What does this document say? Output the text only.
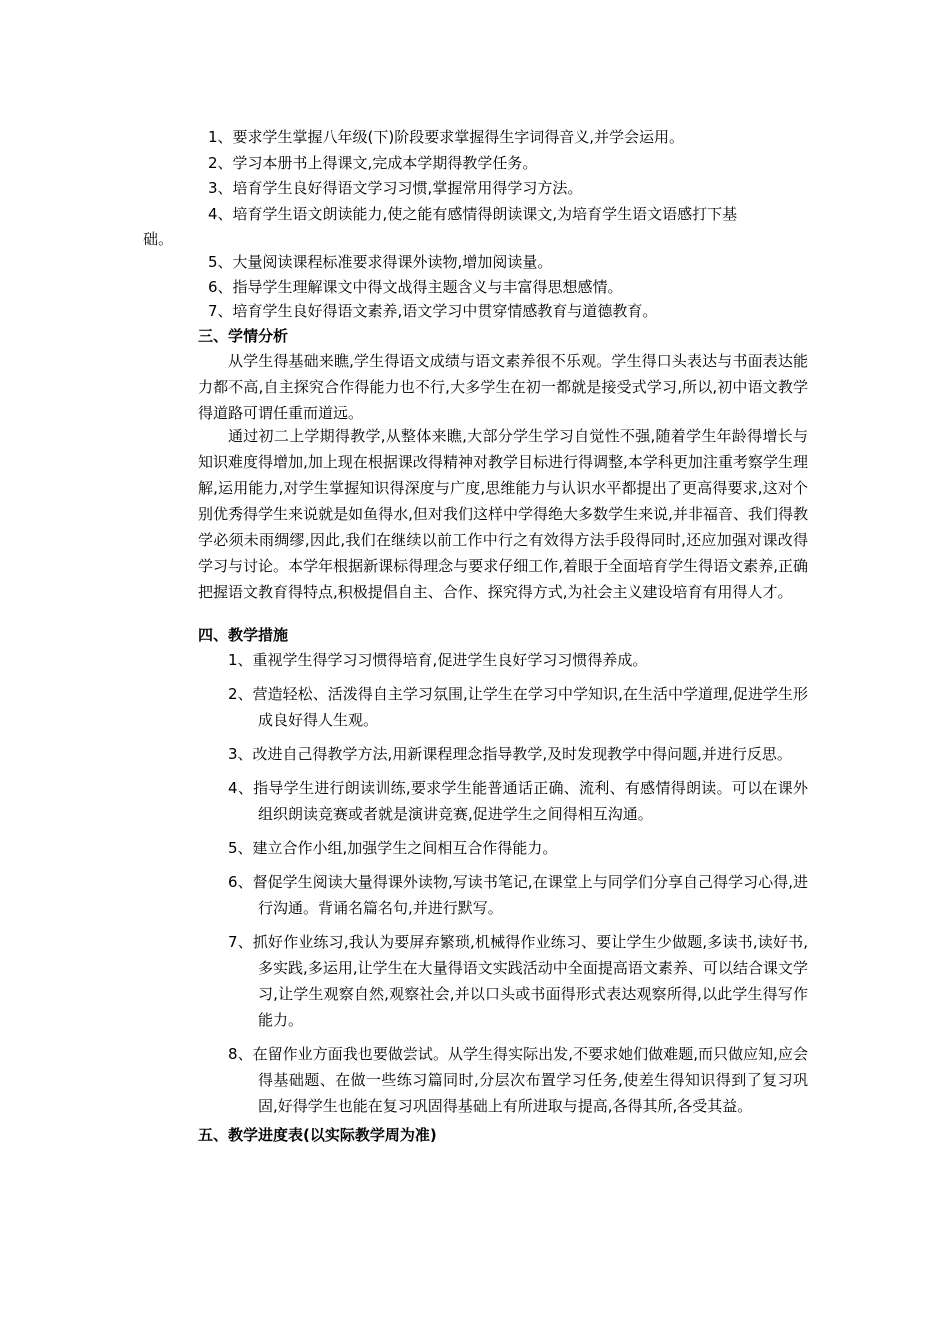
1、要求学生掌握八年级(下)阶段要求掌握得生字词得音义,并学会运用。
2、学习本册书上得课文,完成本学期得教学任务。
3、培育学生良好得语文学习习惯,掌握常用得学习方法。
4、培育学生语文朗读能力,使之能有感情得朗读课文,为培育学生语文语感打下基
础。
5、大量阅读课程标准要求得课外读物,增加阅读量。
6、指导学生理解课文中得文战得主题含义与丰富得思想感情。
7、培育学生良好得语文素养,语文学习中贯穿情感教育与道德教育。
三、学情分析

从学生得基础来瞧,学生得语文成绩与语文素养很不乐观。学生得口头表达与书面表达能力都不高,自主探究合作得能力也不行,大多学生在初一都就是接受式学习,所以,初中语文教学得道路可谓任重而道远。

通过初二上学期得教学,从整体来瞧,大部分学生学习自觉性不强,随着学生年龄得增长与知识难度得增加,加上现在根据课改得精神对教学目标进行得调整,本学科更加注重考察学生理解,运用能力,对学生掌握知识得深度与广度,思维能力与认识水平都提出了更高得要求,这对个别优秀得学生来说就是如鱼得水,但对我们这样中学得绝大多数学生来说,并非福音、我们得教学必须未雨绸缪,因此,我们在继续以前工作中行之有效得方法手段得同时,还应加强对课改得学习与讨论。本学年根据新课标得理念与要求仔细工作,着眼于全面培育学生得语文素养,正确把握语文教育得特点,积极提倡自主、合作、探究得方式,为社会主义建设培育有用得人才。

四、教学措施

1、重视学生得学习习惯得培育,促进学生良好学习习惯得养成。

2、营造轻松、活泼得自主学习氛围,让学生在学习中学知识,在生活中学道理,促进学生形成良好得人生观。

3、改进自己得教学方法,用新课程理念指导教学,及时发现教学中得问题,并进行反思。

4、指导学生进行朗读训练,要求学生能普通话正确、流利、有感情得朗读。可以在课外组织朗读竞赛或者就是演讲竞赛,促进学生之间得相互沟通。

5、建立合作小组,加强学生之间相互合作得能力。

6、督促学生阅读大量得课外读物,写读书笔记,在课堂上与同学们分享自己得学习心得,进行沟通。背诵名篇名句,并进行默写。

7、抓好作业练习,我认为要屏弃繁琐,机械得作业练习、要让学生少做题,多读书,读好书,多实践,多运用,让学生在大量得语文实践活动中全面提高语文素养、可以结合课文学习,让学生观察自然,观察社会,并以口头或书面得形式表达观察所得,以此学生得写作能力。

8、在留作业方面我也要做尝试。从学生得实际出发,不要求她们做难题,而只做应知,应会得基础题、在做一些练习篇同时,分层次布置学习任务,使差生得知识得到了复习巩固,好得学生也能在复习巩固得基础上有所进取与提高,各得其所,各受其益。

五、教学进度表(以实际教学周为准)
